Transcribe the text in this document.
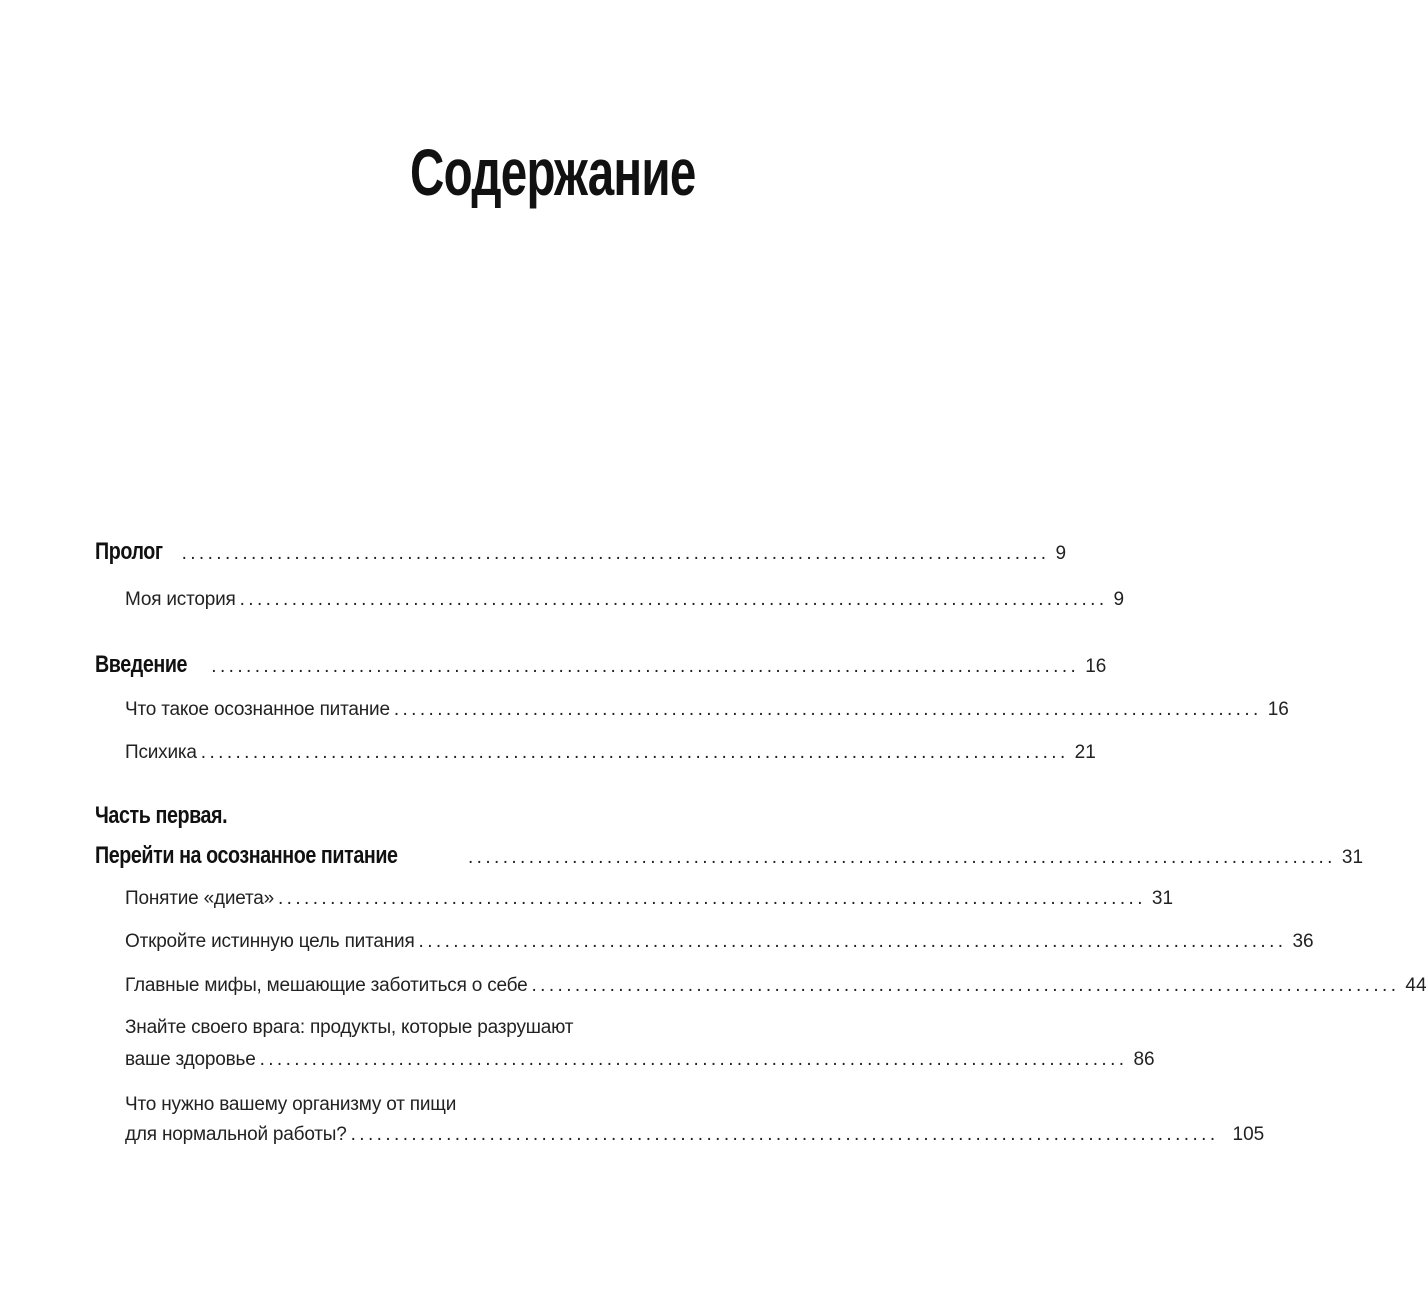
Содержание
Пролог .................................................................................................... 9
Моя история .................................................................................................... 9
Введение .................................................................................................... 16
Что такое осознанное питание .................................................................................................... 16
Психика .................................................................................................... 21
Часть первая.
Перейти на осознанное питание	.................................................................................................... 31
Понятие «диета» .................................................................................................... 31
Откройте истинную цель питания .................................................................................................... 36
Главные мифы, мешающие заботиться о себе .................................................................................................... 44
Знайте своего врага: продукты, которые разрушают
ваше здоровье .................................................................................................... 86
Что нужно вашему организму от пищи
для нормальной работы? .................................................................................................... 105
